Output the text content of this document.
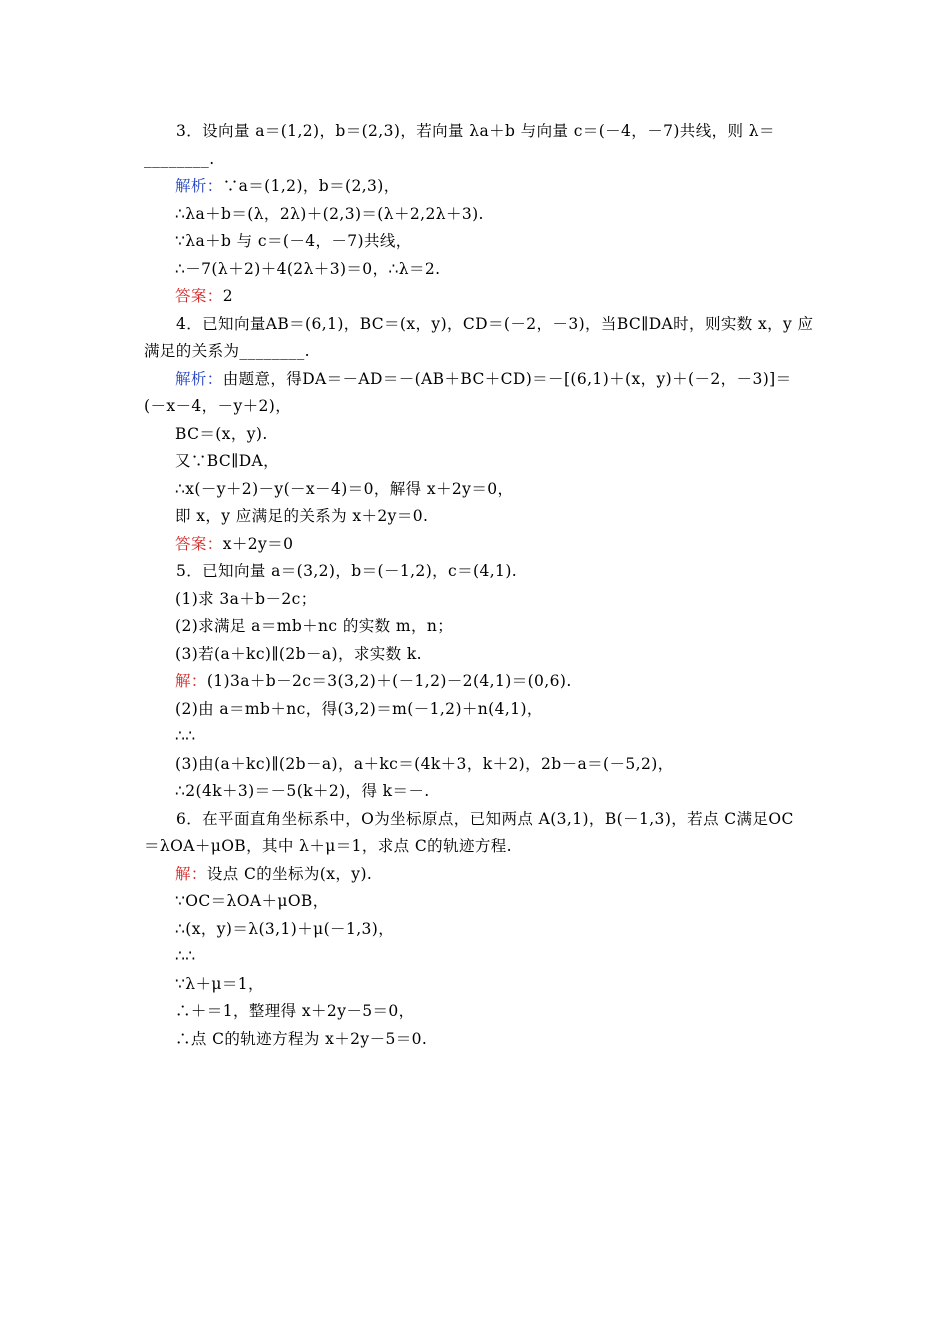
3．设向量 a＝(1,2)，b＝(2,3)，若向量 λa＋b 与向量 c＝(－4，－7)共线，则 λ＝
________.
解析：∵a＝(1,2)，b＝(2,3)，
∴λa＋b＝(λ，2λ)＋(2,3)＝(λ＋2,2λ＋3).
∵λa＋b 与 c＝(－4，－7)共线，
∴－7(λ＋2)＋4(2λ＋3)＝0，∴λ＝2.
答案：2
4．已知向量AB＝(6,1)，BC＝(x，y)，CD＝(－2，－3)，当BC∥DA时，则实数 x，y 应
满足的关系为________.
解析：由题意，得DA＝－AD＝－(AB＋BC＋CD)＝－[(6,1)＋(x，y)＋(－2，－3)]＝
(－x－4，－y＋2)，
BC＝(x，y).
又∵BC∥DA，
∴x(－y＋2)－y(－x－4)＝0，解得 x＋2y＝0，
即 x，y 应满足的关系为 x＋2y＝0.
答案：x＋2y＝0
5．已知向量 a＝(3,2)，b＝(－1,2)，c＝(4,1).
(1)求 3a＋b－2c；
(2)求满足 a＝mb＋nc 的实数 m，n；
(3)若(a＋kc)∥(2b－a)，求实数 k.
解：(1)3a＋b－2c＝3(3,2)＋(－1,2)－2(4,1)＝(0,6).
(2)由 a＝mb＋nc，得(3,2)＝m(－1,2)＋n(4,1)，
∴∴
(3)由(a＋kc)∥(2b－a)，a＋kc＝(4k＋3，k＋2)，2b－a＝(－5,2)，
∴2(4k＋3)＝－5(k＋2)，得 k＝－.
6．在平面直角坐标系中，O为坐标原点，已知两点 A(3,1)，B(－1,3)，若点 C满足OC
＝λOA＋μOB，其中 λ＋μ＝1，求点 C的轨迹方程.
解：设点 C的坐标为(x，y).
∵OC＝λOA＋μOB，
∴(x，y)＝λ(3,1)＋μ(－1,3)，
∴∴
∵λ＋μ＝1，
∴＋＝1，整理得 x＋2y－5＝0，
∴点 C的轨迹方程为 x＋2y－5＝0.
